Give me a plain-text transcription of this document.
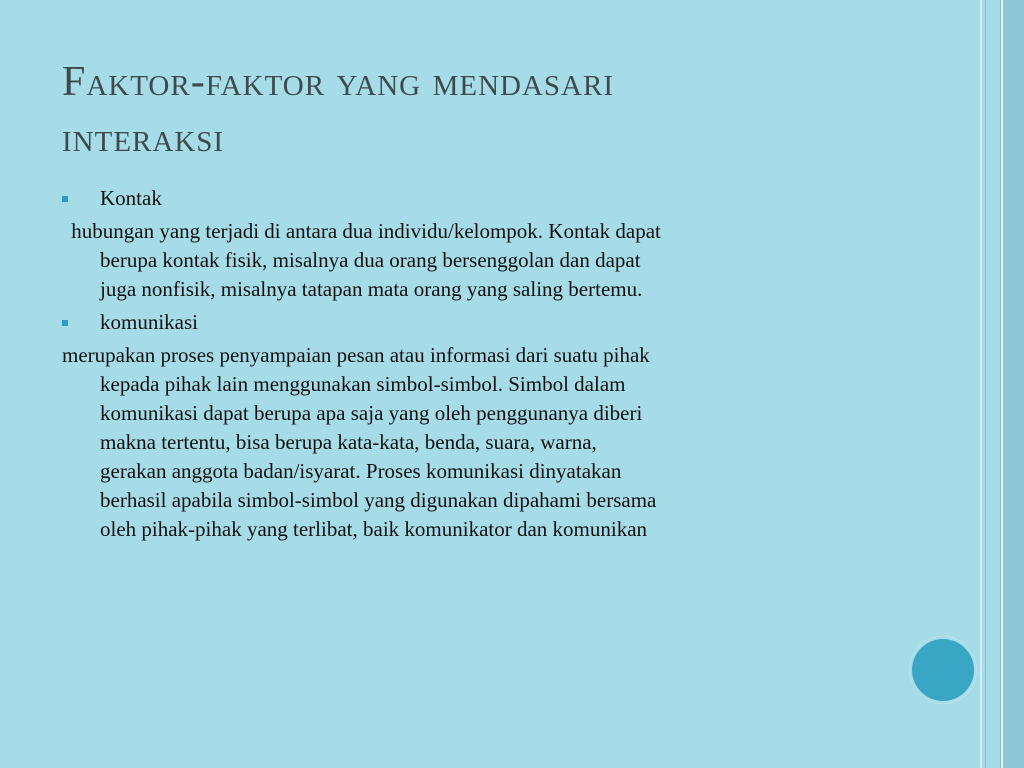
Faktor-faktor yang mendasari interaksi
Kontak

hubungan yang terjadi di antara dua individu/kelompok. Kontak dapat berupa kontak fisik, misalnya dua orang bersenggolan dan dapat juga nonfisik, misalnya tatapan mata orang yang saling bertemu.

komunikasi

merupakan proses penyampaian pesan atau informasi dari suatu pihak kepada pihak lain menggunakan simbol-simbol. Simbol dalam komunikasi dapat berupa apa saja yang oleh penggunanya diberi makna tertentu, bisa berupa kata-kata, benda, suara, warna, gerakan anggota badan/isyarat. Proses komunikasi dinyatakan berhasil apabila simbol-simbol yang digunakan dipahami bersama oleh pihak-pihak yang terlibat, baik komunikator dan komunikan
